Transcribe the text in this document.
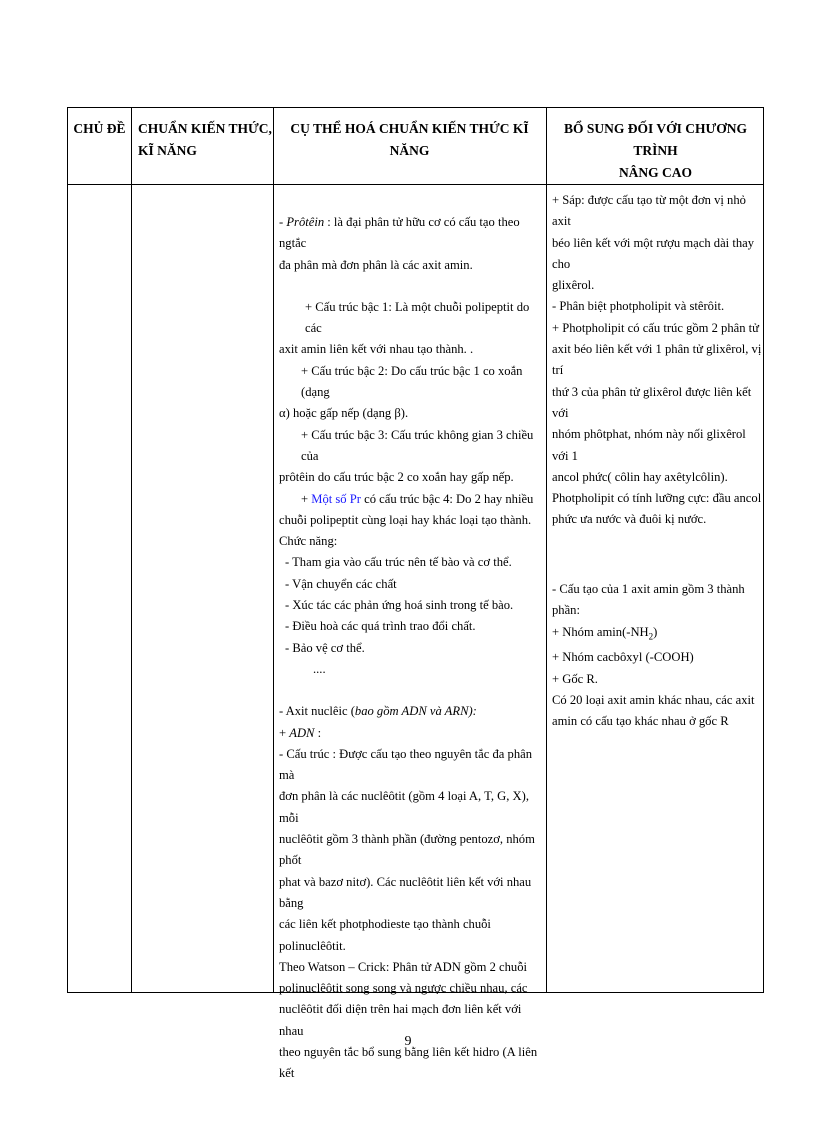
CHỦ ĐỀ CHUẨN KIẾN THỨC,
KĨ NĂNG
CỤ THỂ HOÁ CHUẨN KIẾN THỨC KĨ NĂNG
BỔ SUNG ĐỐI VỚI CHƯƠNG TRÌNH
NÂNG CAO

- Prôtêin : là đại phân tử hữu cơ có cấu tạo theo ngtắc

đa phân mà đơn phân là các axit amin.

+ Cấu trúc bậc 1: Là một chuỗi polipeptit do các

axit amin liên kết với nhau tạo thành. .

+ Cấu trúc bậc 2: Do cấu trúc bậc 1 co xoắn (dạng

α) hoặc gấp nếp (dạng β).

+ Cấu trúc bậc 3: Cấu trúc không gian 3 chiều của

prôtêin do cấu trúc bậc 2 co xoắn hay gấp nếp.

+ Một số Pr có cấu trúc bậc 4: Do 2 hay nhiều

chuỗi polipeptit cùng loại hay khác loại tạo thành.

Chức năng:

- Tham gia vào cấu trúc nên tế bào và cơ thể.

- Vận chuyển các chất

- Xúc tác các phản ứng hoá sinh trong tế bào.

- Điều hoà các quá trình trao đổi chất.

- Bảo vệ cơ thể.

....

- Axit nuclêic (bao gồm ADN và ARN):

+ ADN :

- Cấu trúc : Được cấu tạo theo nguyên tắc đa phân mà

đơn phân là các nuclêôtit (gồm 4 loại A, T, G, X), mỗi

nuclêôtit gồm 3 thành phần (đường pentozơ, nhóm phốt

phat và bazơ nitơ). Các nuclêôtit liên kết với nhau bằng

các liên kết photphodieste tạo thành chuỗi polinuclêôtit.

Theo Watson – Crick: Phân tử ADN gồm 2 chuỗi

polinuclêôtit song song và ngược chiều nhau, các

nuclêôtit đối diện trên hai mạch đơn liên kết với nhau

theo nguyên tắc bổ sung bằng liên kết hidro (A liên kết

+ Sáp: được cấu tạo từ một đơn vị nhỏ axit

béo liên kết với một rượu mạch dài thay cho

glixêrol.

- Phân biệt photpholipit và stêrôit.

+ Photpholipit có cấu trúc gồm 2 phân tử

axit béo liên kết với 1 phân tử glixêrol, vị trí

thứ 3 của phân tử glixêrol được liên kết với

nhóm phôtphat, nhóm này nối glixêrol với 1

ancol phức( côlin hay axêtylcôlin).

Photpholipit có tính lưỡng cực: đầu ancol

phức ưa nước và đuôi kị nước.

- Cấu tạo của 1 axit amin gồm 3 thành phần:

+ Nhóm $amin(-NH_2)$

+ Nhóm cacbôxyl (-COOH)

+ Gốc R.

Có 20 loại axit amin khác nhau, các axit

amin có cấu tạo khác nhau ở gốc R

9
